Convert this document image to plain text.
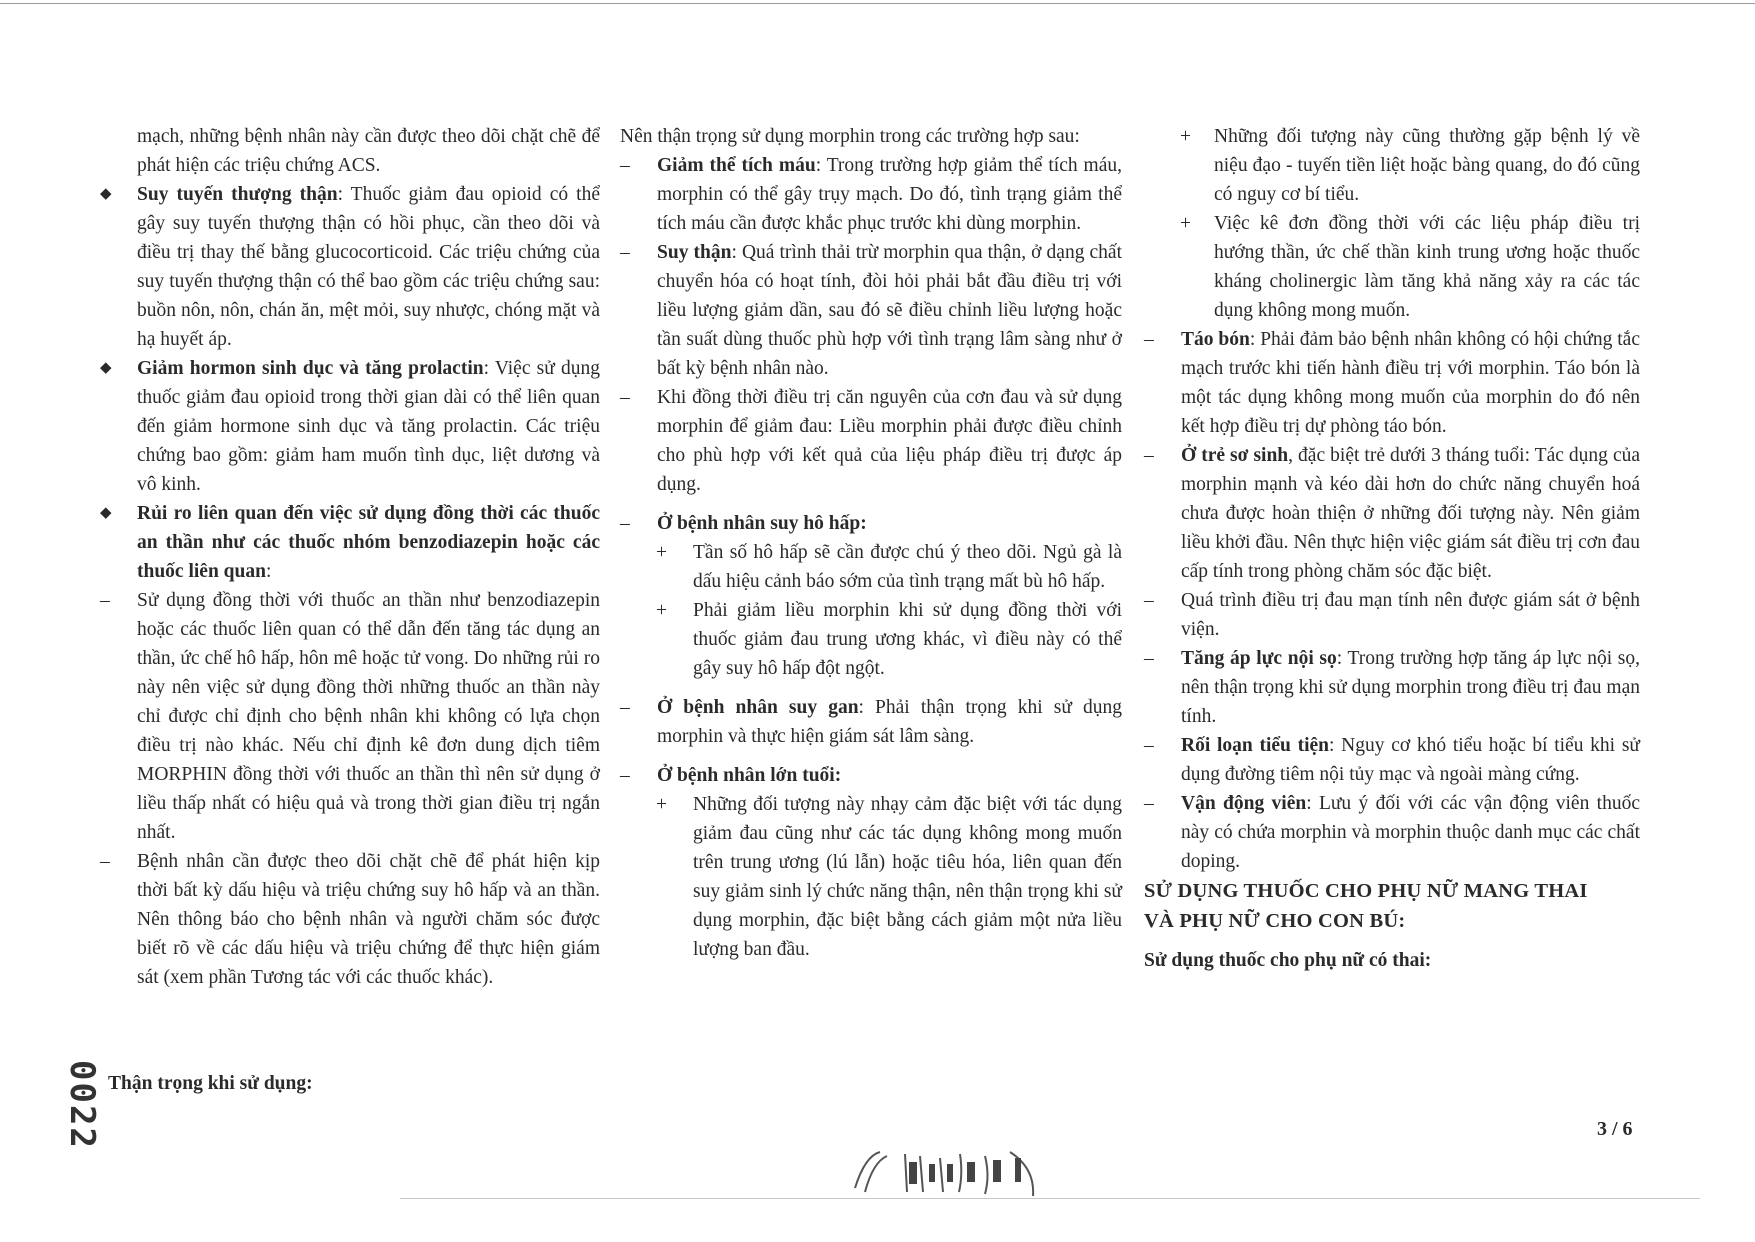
mạch, những bệnh nhân này cần được theo dõi chặt chẽ để phát hiện các triệu chứng ACS.
◆	Suy tuyến thượng thận: Thuốc giảm đau opioid có thể gây suy tuyến thượng thận có hồi phục, cần theo dõi và điều trị thay thế bằng glucocorticoid. Các triệu chứng của suy tuyến thượng thận có thể bao gồm các triệu chứng sau: buồn nôn, nôn, chán ăn, mệt mỏi, suy nhược, chóng mặt và hạ huyết áp.
◆	Giảm hormon sinh dục và tăng prolactin: Việc sử dụng thuốc giảm đau opioid trong thời gian dài có thể liên quan đến giảm hormone sinh dục và tăng prolactin. Các triệu chứng bao gồm: giảm ham muốn tình dục, liệt dương và vô kinh.
◆	Rủi ro liên quan đến việc sử dụng đồng thời các thuốc an thần như các thuốc nhóm benzodiazepin hoặc các thuốc liên quan:
–	Sử dụng đồng thời với thuốc an thần như benzodiazepin hoặc các thuốc liên quan có thể dẫn đến tăng tác dụng an thần, ức chế hô hấp, hôn mê hoặc tử vong. Do những rủi ro này nên việc sử dụng đồng thời những thuốc an thần này chỉ được chỉ định cho bệnh nhân khi không có lựa chọn điều trị nào khác. Nếu chỉ định kê đơn dung dịch tiêm MORPHIN đồng thời với thuốc an thần thì nên sử dụng ở liều thấp nhất có hiệu quả và trong thời gian điều trị ngắn nhất.
–	Bệnh nhân cần được theo dõi chặt chẽ để phát hiện kịp thời bất kỳ dấu hiệu và triệu chứng suy hô hấp và an thần. Nên thông báo cho bệnh nhân và người chăm sóc được biết rõ về các dấu hiệu và triệu chứng để thực hiện giám sát (xem phần Tương tác với các thuốc khác).
Thận trọng khi sử dụng:
0022
Nên thận trọng sử dụng morphin trong các trường hợp sau:
–	Giảm thể tích máu: Trong trường hợp giảm thể tích máu, morphin có thể gây trụy mạch. Do đó, tình trạng giảm thể tích máu cần được khắc phục trước khi dùng morphin.
–	Suy thận: Quá trình thải trừ morphin qua thận, ở dạng chất chuyển hóa có hoạt tính, đòi hỏi phải bắt đầu điều trị với liều lượng giảm dần, sau đó sẽ điều chỉnh liều lượng hoặc tần suất dùng thuốc phù hợp với tình trạng lâm sàng như ở bất kỳ bệnh nhân nào.
–	Khi đồng thời điều trị căn nguyên của cơn đau và sử dụng morphin để giảm đau: Liều morphin phải được điều chỉnh cho phù hợp với kết quả của liệu pháp điều trị được áp dụng.
–	Ở bệnh nhân suy hô hấp:
+	Tần số hô hấp sẽ cần được chú ý theo dõi. Ngủ gà là dấu hiệu cảnh báo sớm của tình trạng mất bù hô hấp.
+	Phải giảm liều morphin khi sử dụng đồng thời với thuốc giảm đau trung ương khác, vì điều này có thể gây suy hô hấp đột ngột.
–	Ở bệnh nhân suy gan: Phải thận trọng khi sử dụng morphin và thực hiện giám sát lâm sàng.
–	Ở bệnh nhân lớn tuổi:
+	Những đối tượng này nhạy cảm đặc biệt với tác dụng giảm đau cũng như các tác dụng không mong muốn trên trung ương (lú lẫn) hoặc tiêu hóa, liên quan đến suy giảm sinh lý chức năng thận, nên thận trọng khi sử dụng morphin, đặc biệt bằng cách giảm một nửa liều lượng ban đầu.
+	Những đối tượng này cũng thường gặp bệnh lý về niệu đạo - tuyến tiền liệt hoặc bàng quang, do đó cũng có nguy cơ bí tiểu.
+	Việc kê đơn đồng thời với các liệu pháp điều trị hướng thần, ức chế thần kinh trung ương hoặc thuốc kháng cholinergic làm tăng khả năng xảy ra các tác dụng không mong muốn.
–	Táo bón: Phải đảm bảo bệnh nhân không có hội chứng tắc mạch trước khi tiến hành điều trị với morphin. Táo bón là một tác dụng không mong muốn của morphin do đó nên kết hợp điều trị dự phòng táo bón.
–	Ở trẻ sơ sinh, đặc biệt trẻ dưới 3 tháng tuổi: Tác dụng của morphin mạnh và kéo dài hơn do chức năng chuyển hoá chưa được hoàn thiện ở những đối tượng này. Nên giảm liều khởi đầu. Nên thực hiện việc giám sát điều trị cơn đau cấp tính trong phòng chăm sóc đặc biệt.
–	Quá trình điều trị đau mạn tính nên được giám sát ở bệnh viện.
–	Tăng áp lực nội sọ: Trong trường hợp tăng áp lực nội sọ, nên thận trọng khi sử dụng morphin trong điều trị đau mạn tính.
–	Rối loạn tiểu tiện: Nguy cơ khó tiểu hoặc bí tiểu khi sử dụng đường tiêm nội tủy mạc và ngoài màng cứng.
–	Vận động viên: Lưu ý đối với các vận động viên thuốc này có chứa morphin và morphin thuộc danh mục các chất doping.
SỬ DỤNG THUỐC CHO PHỤ NỮ MANG THAI
VÀ PHỤ NỮ CHO CON BÚ:
Sử dụng thuốc cho phụ nữ có thai:
3 / 6
